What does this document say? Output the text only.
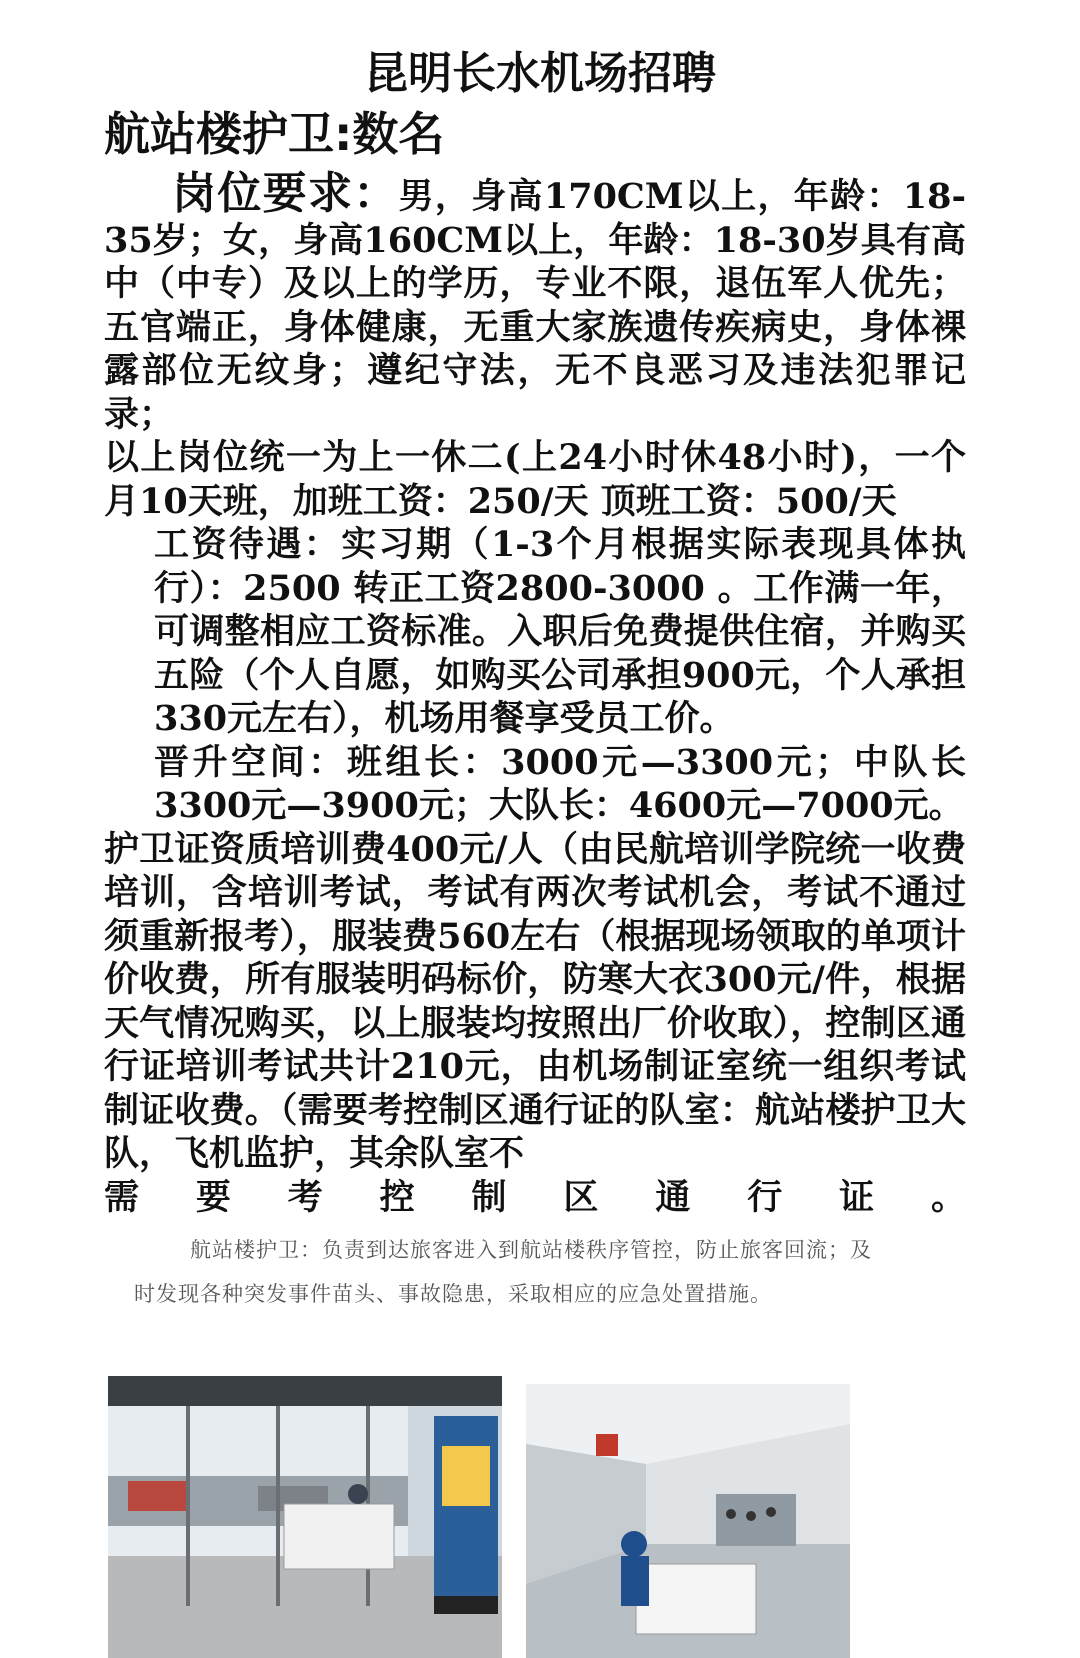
昆明长水机场招聘
航站楼护卫:数名

岗位要求：男，身高170CM以上，年龄：18-35岁；女，身高160CM以上，年龄：18-30岁具有高中（中专）及以上的学历，专业不限，退伍军人优先；五官端正，身体健康，无重大家族遗传疾病史，身体裸露部位无纹身；遵纪守法，无不良恶习及违法犯罪记录；

以上岗位统一为上一休二(上24小时休48小时)，一个月10天班，加班工资：250/天 顶班工资：500/天

工资待遇：实习期（1-3个月根据实际表现具体执行）：2500 转正工资2800-3000 。工作满一年，可调整相应工资标准。入职后免费提供住宿，并购买五险（个人自愿，如购买公司承担900元，个人承担330元左右），机场用餐享受员工价。

晋升空间：班组长：3000元—3300元；中队长3300元—3900元；大队长：4600元—7000元。

护卫证资质培训费400元/人（由民航培训学院统一收费培训，含培训考试，考试有两次考试机会，考试不通过须重新报考），服装费560左右（根据现场领取的单项计价收费，所有服装明码标价，防寒大衣300元/件，根据天气情况购买，以上服装均按照出厂价收取），控制区通行证培训考试共计210元，由机场制证室统一组织考试制证收费。（需要考控制区通行证的队室：航站楼护卫大队，飞机监护，其余队室不

需要考控制区通行证。

航站楼护卫：负责到达旅客进入到航站楼秩序管控，防止旅客回流；及时发现各种突发事件苗头、事故隐患，采取相应的应急处置措施。
